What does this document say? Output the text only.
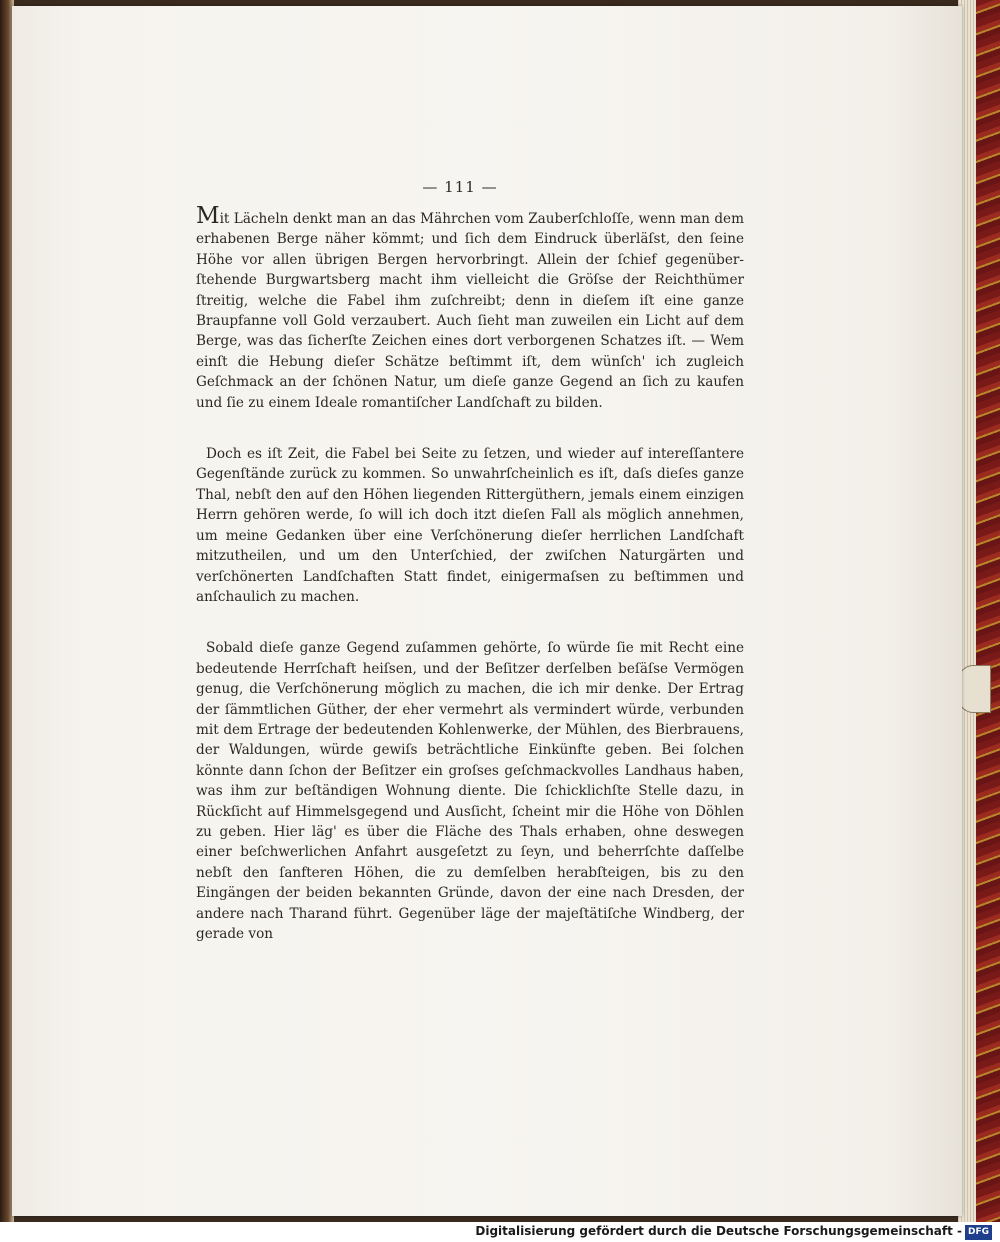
— 111 —

Mit Lächeln denkt man an das Mährchen vom Zauberſchloſſe, wenn man dem erhabenen Berge näher kömmt; und ſich dem Eindruck überläſst, den ſeine Höhe vor allen übrigen Bergen hervorbringt. Allein der ſchief gegenüber-ſtehende Burgwartsberg macht ihm vielleicht die Gröſse der Reichthümer ſtreitig, welche die Fabel ihm zuſchreibt; denn in dieſem iſt eine ganze Braupfanne voll Gold verzaubert. Auch ſieht man zuweilen ein Licht auf dem Berge, was das ſicherſte Zeichen eines dort verborgenen Schatzes iſt. — Wem einſt die Hebung dieſer Schätze beſtimmt iſt, dem wünſch' ich zugleich Geſchmack an der ſchönen Natur, um dieſe ganze Gegend an ſich zu kaufen und ſie zu einem Ideale romantiſcher Landſchaft zu bilden.

Doch es iſt Zeit, die Fabel bei Seite zu ſetzen, und wieder auf intereſſantere Gegenſtände zurück zu kommen. So unwahrſcheinlich es iſt, daſs dieſes ganze Thal, nebſt den auf den Höhen liegenden Rittergüthern, jemals einem einzigen Herrn gehören werde, ſo will ich doch itzt dieſen Fall als möglich annehmen, um meine Gedanken über eine Verſchönerung dieſer herrlichen Landſchaft mitzutheilen, und um den Unterſchied, der zwiſchen Naturgärten und verſchönerten Landſchaften Statt findet, einigermaſsen zu beſtimmen und anſchaulich zu machen.

Sobald dieſe ganze Gegend zuſammen gehörte, ſo würde ſie mit Recht eine bedeutende Herrſchaft heiſsen, und der Beſitzer derſelben beſäſse Vermögen genug, die Verſchönerung möglich zu machen, die ich mir denke. Der Ertrag der ſämmtlichen Güther, der eher vermehrt als vermindert würde, verbunden mit dem Ertrage der bedeutenden Kohlenwerke, der Mühlen, des Bierbrauens, der Waldungen, würde gewiſs beträchtliche Einkünfte geben. Bei ſolchen könnte dann ſchon der Beſitzer ein groſses geſchmackvolles Landhaus haben, was ihm zur beſtändigen Wohnung diente. Die ſchicklichſte Stelle dazu, in Rückſicht auf Himmelsgegend und Ausſicht, ſcheint mir die Höhe von Döhlen zu geben. Hier läg' es über die Fläche des Thals erhaben, ohne deswegen einer beſchwerlichen Anfahrt ausgeſetzt zu ſeyn, und beherrſchte daſſelbe nebſt den ſanfteren Höhen, die zu demſelben herabſteigen, bis zu den Eingängen der beiden bekannten Gründe, davon der eine nach Dresden, der andere nach Tharand führt. Gegenüber läge der majeſtätiſche Windberg, der gerade von

Digitalisierung gefördert durch die Deutsche Forschungsgemeinschaft - DFG
